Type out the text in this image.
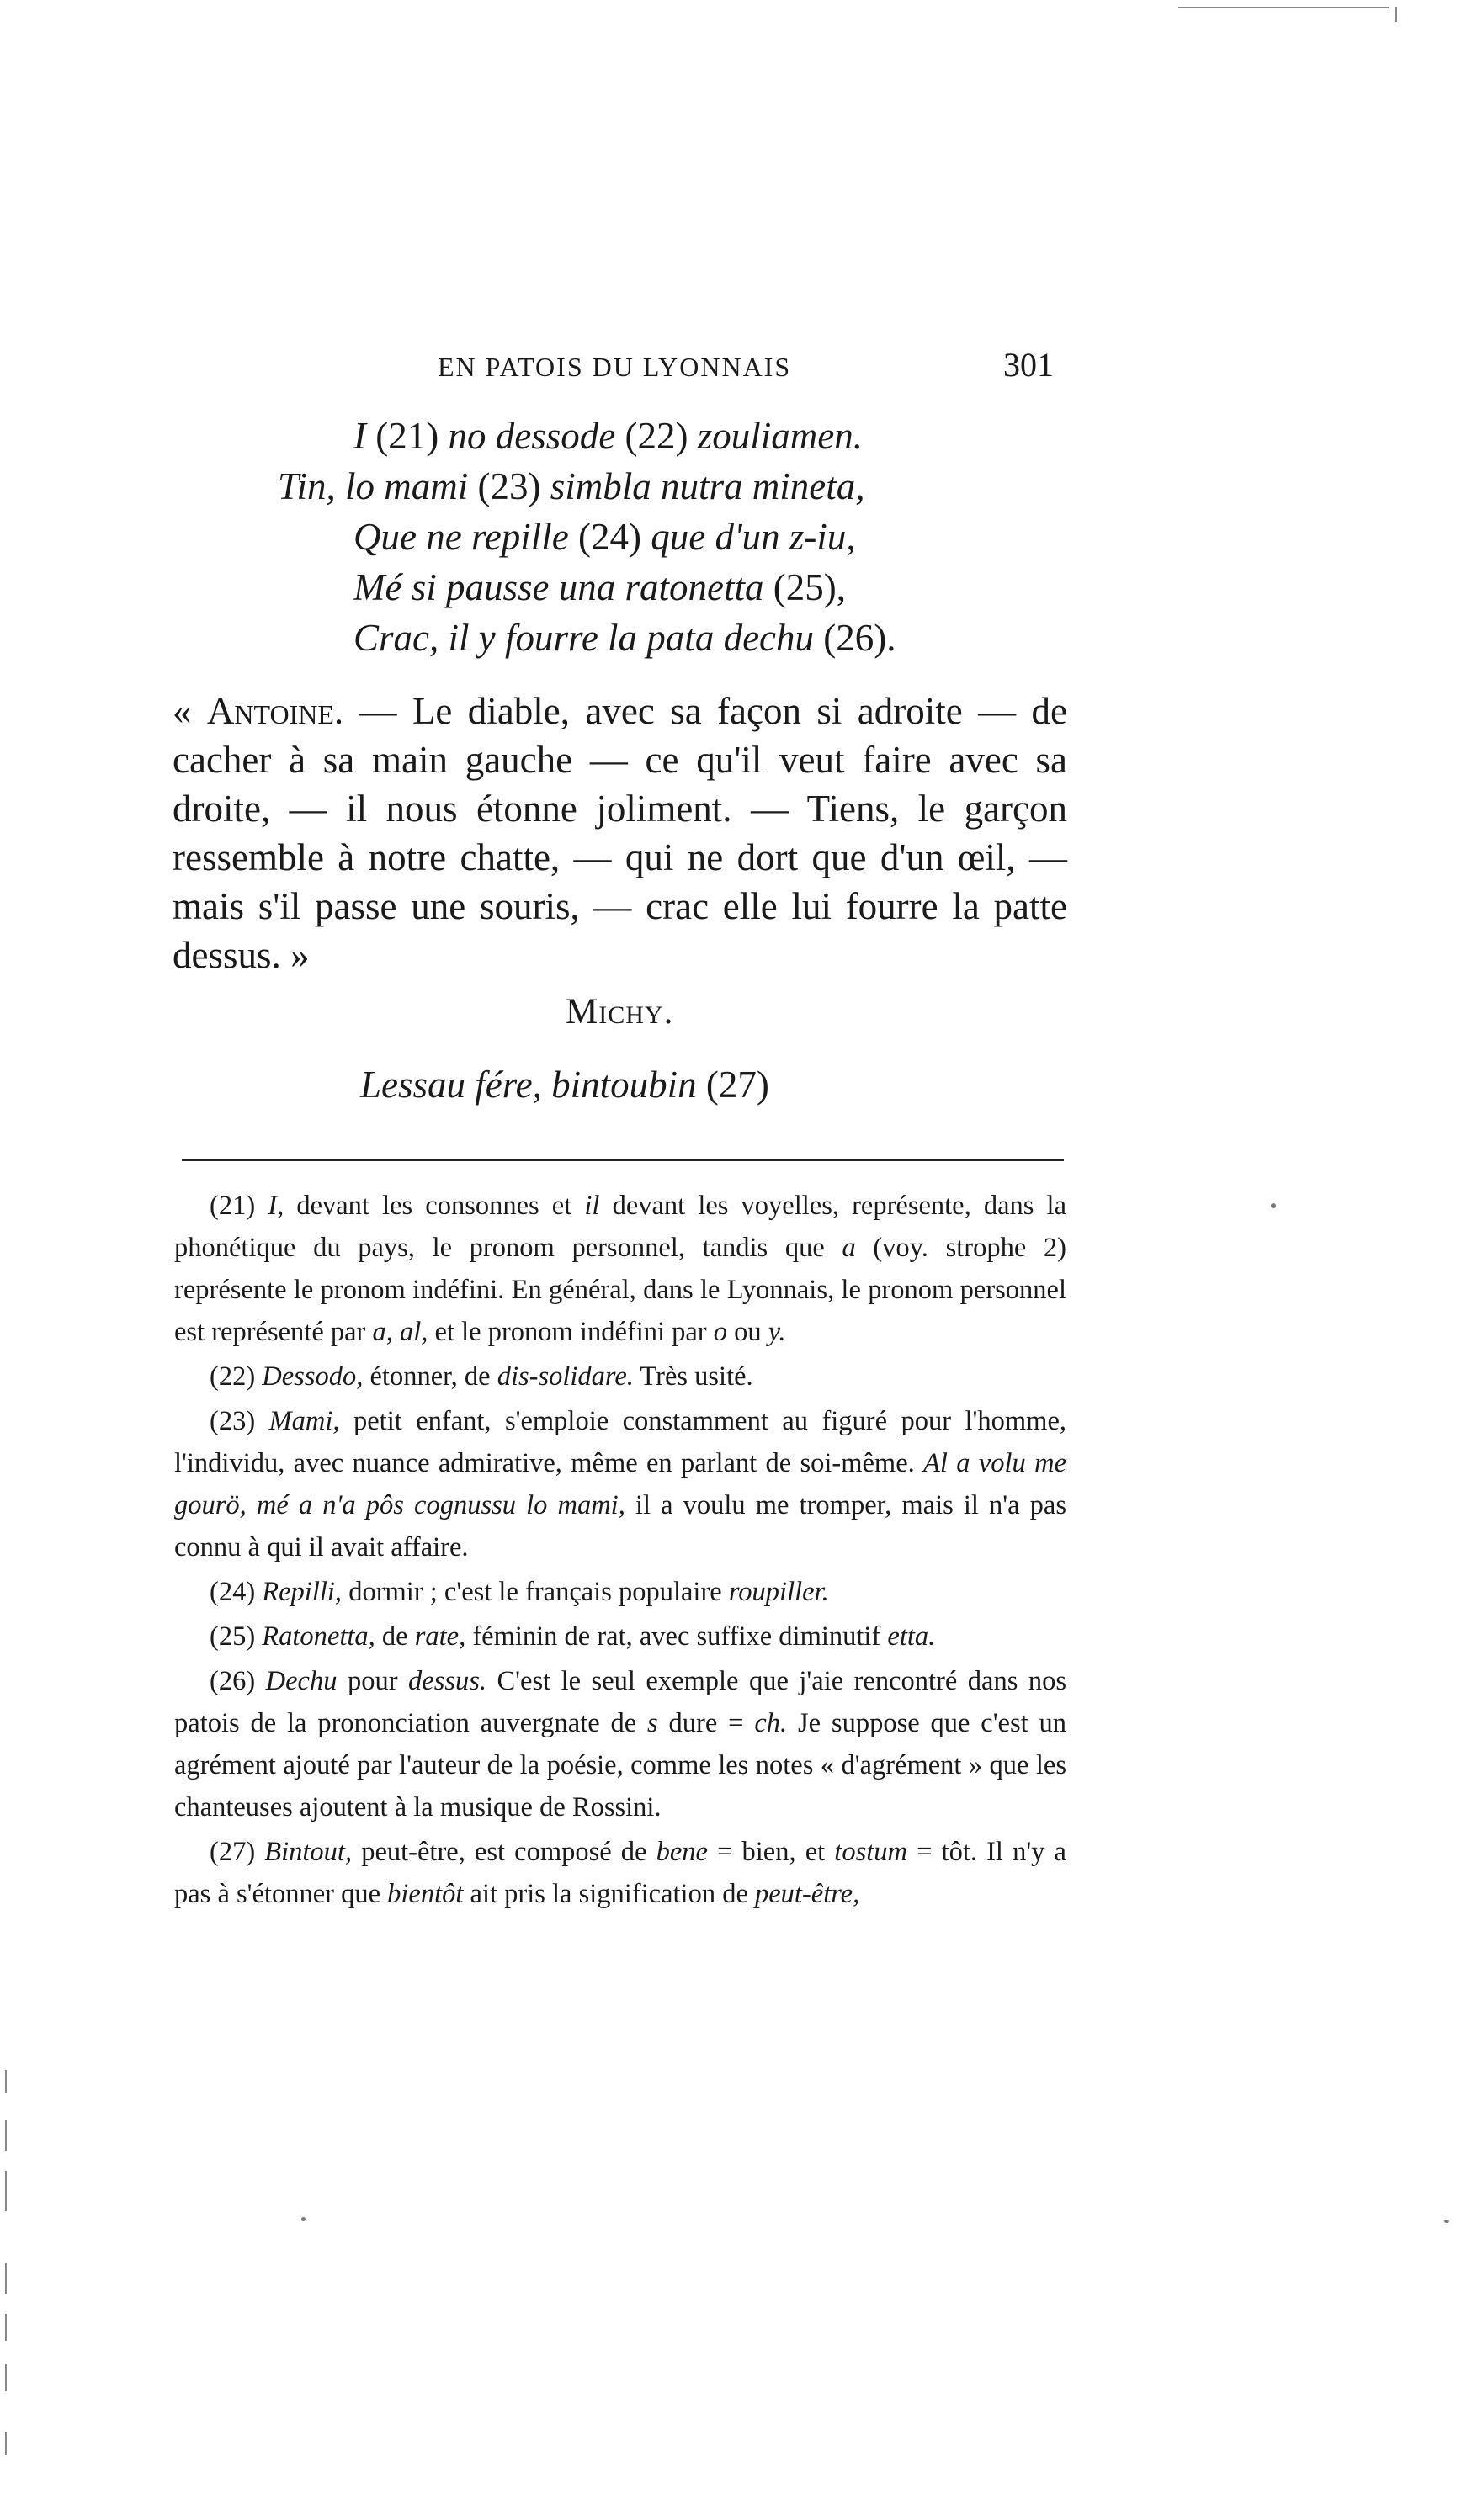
EN PATOIS DU LYONNAIS	301
I (21) no dessode (22) zouliamen.
Tin, lo mami (23) simbla nutra mineta,
Que ne repille (24) que d'un z-iu,
Mé si pausse una ratonetta (25),
Crac, il y fourre la pata dechu (26).
« Antoine. — Le diable, avec sa façon si adroite — de cacher à sa main gauche — ce qu'il veut faire avec sa droite, — il nous étonne joliment. — Tiens, le garçon ressemble à notre chatte, — qui ne dort que d'un œil, — mais s'il passe une souris, — crac elle lui fourre la patte dessus. »
Michy.
Lessau fére, bintoubin (27)

(21) I, devant les consonnes et il devant les voyelles, représente, dans la phonétique du pays, le pronom personnel, tandis que a (voy. strophe 2) représente le pronom indéfini. En général, dans le Lyonnais, le pronom personnel est représenté par a, al, et le pronom indéfini par o ou y.

(22) Dessodo, étonner, de dis-solidare. Très usité.

(23) Mami, petit enfant, s'emploie constamment au figuré pour l'homme, l'individu, avec nuance admirative, même en parlant de soi-même. Al a volu me gourö, mé a n'a pôs cognussu lo mami, il a voulu me tromper, mais il n'a pas connu à qui il avait affaire.

(24) Repilli, dormir ; c'est le français populaire roupiller.

(25) Ratonetta, de rate, féminin de rat, avec suffixe diminutif etta.

(26) Dechu pour dessus. C'est le seul exemple que j'aie rencontré dans nos patois de la prononciation auvergnate de s dure = ch. Je suppose que c'est un agrément ajouté par l'auteur de la poésie, comme les notes « d'agrément » que les chanteuses ajoutent à la musique de Rossini.

(27) Bintout, peut-être, est composé de bene = bien, et tostum = tôt. Il n'y a pas à s'étonner que bientôt ait pris la signification de peut-être,
